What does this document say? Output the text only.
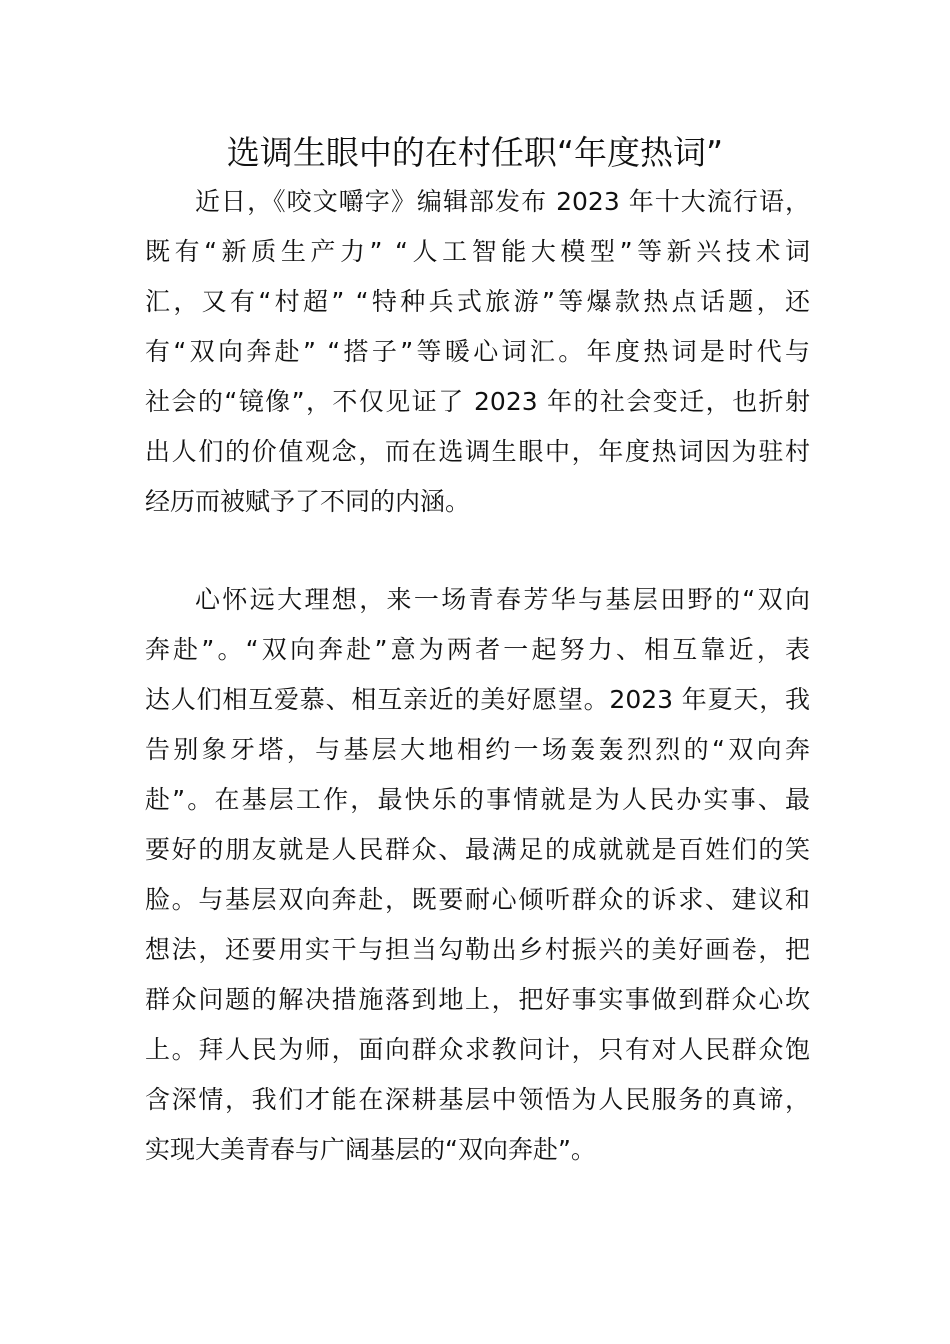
选调生眼中的在村任职“年度热词”
近日，《咬文嚼字》编辑部发布 2023 年十大流行语，
既有“新质生产力” “人工智能大模型”等新兴技术词
汇，又有“村超” “特种兵式旅游”等爆款热点话题，还
有“双向奔赴” “搭子”等暖心词汇。年度热词是时代与
社会的“镜像”，不仅见证了 2023 年的社会变迁，也折射
出人们的价值观念，而在选调生眼中，年度热词因为驻村
经历而被赋予了不同的内涵。
心怀远大理想，来一场青春芳华与基层田野的“双向
奔赴”。“双向奔赴”意为两者一起努力、相互靠近，表
达人们相互爱慕、相互亲近的美好愿望。2023 年夏天，我
告别象牙塔，与基层大地相约一场轰轰烈烈的“双向奔
赴”。在基层工作，最快乐的事情就是为人民办实事、最
要好的朋友就是人民群众、最满足的成就就是百姓们的笑
脸。与基层双向奔赴，既要耐心倾听群众的诉求、建议和
想法，还要用实干与担当勾勒出乡村振兴的美好画卷，把
群众问题的解决措施落到地上，把好事实事做到群众心坎
上。拜人民为师，面向群众求教问计，只有对人民群众饱
含深情，我们才能在深耕基层中领悟为人民服务的真谛，
实现大美青春与广阔基层的“双向奔赴”。
